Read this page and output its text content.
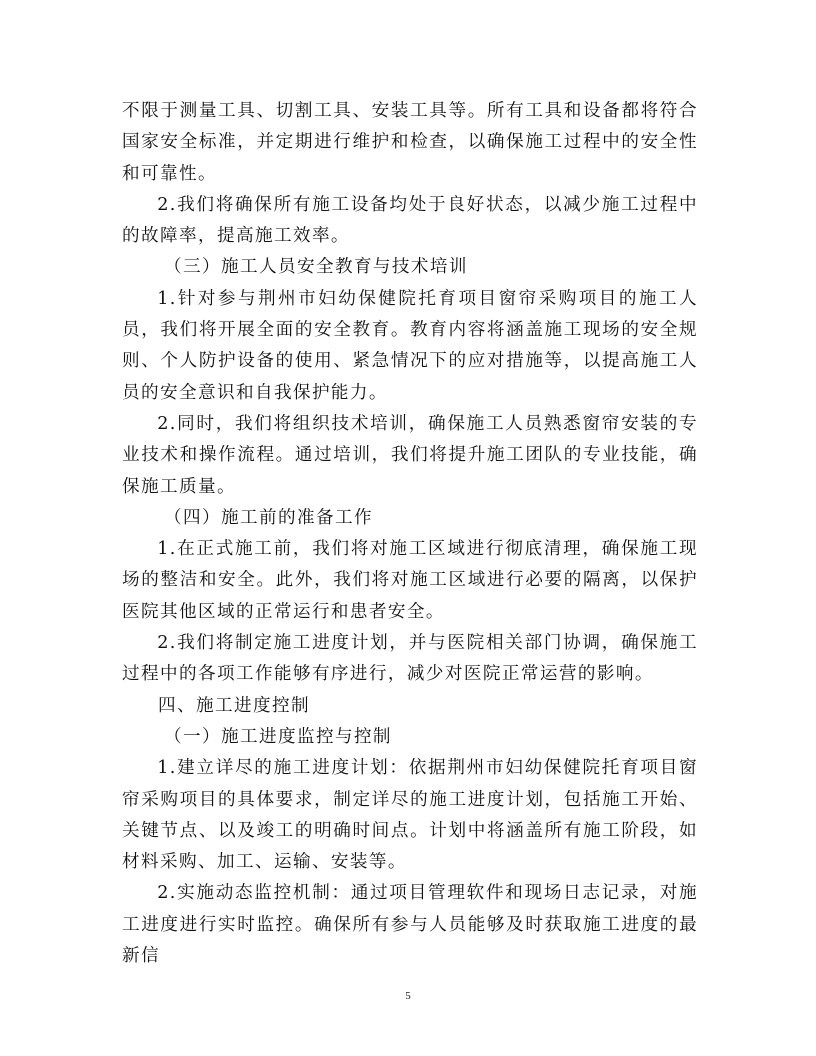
不限于测量工具、切割工具、安装工具等。所有工具和设备都将符合国家安全标准，并定期进行维护和检查，以确保施工过程中的安全性和可靠性。

2.我们将确保所有施工设备均处于良好状态，以减少施工过程中的故障率，提高施工效率。

（三）施工人员安全教育与技术培训

1.针对参与荆州市妇幼保健院托育项目窗帘采购项目的施工人员，我们将开展全面的安全教育。教育内容将涵盖施工现场的安全规则、个人防护设备的使用、紧急情况下的应对措施等，以提高施工人员的安全意识和自我保护能力。

2.同时，我们将组织技术培训，确保施工人员熟悉窗帘安装的专业技术和操作流程。通过培训，我们将提升施工团队的专业技能，确保施工质量。

（四）施工前的准备工作

1.在正式施工前，我们将对施工区域进行彻底清理，确保施工现场的整洁和安全。此外，我们将对施工区域进行必要的隔离，以保护医院其他区域的正常运行和患者安全。

2.我们将制定施工进度计划，并与医院相关部门协调，确保施工过程中的各项工作能够有序进行，减少对医院正常运营的影响。

四、施工进度控制

（一）施工进度监控与控制

1.建立详尽的施工进度计划：依据荆州市妇幼保健院托育项目窗帘采购项目的具体要求，制定详尽的施工进度计划，包括施工开始、关键节点、以及竣工的明确时间点。计划中将涵盖所有施工阶段，如材料采购、加工、运输、安装等。

2.实施动态监控机制：通过项目管理软件和现场日志记录，对施工进度进行实时监控。确保所有参与人员能够及时获取施工进度的最新信

5
